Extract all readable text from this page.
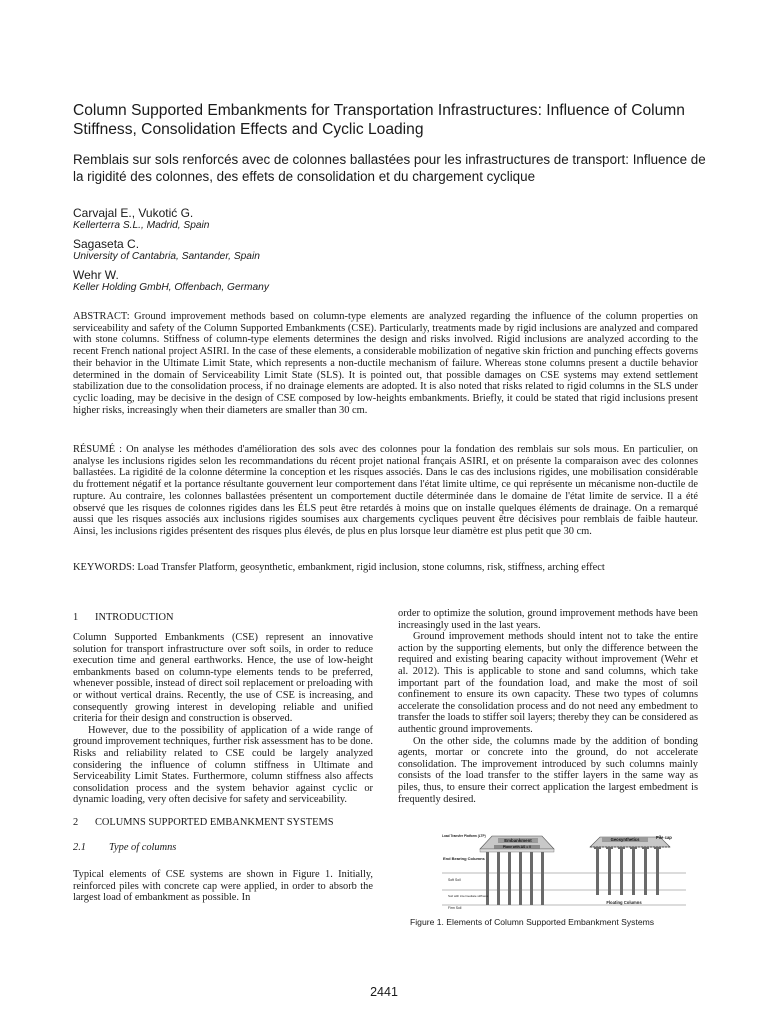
Column Supported Embankments for Transportation Infrastructures: Influence of Column Stiffness, Consolidation Effects and Cyclic Loading
Remblais sur sols renforcés avec de colonnes ballastées pour les infrastructures de transport: Influence de la rigidité des colonnes, des effets de consolidation et du chargement cyclique
Carvajal E., Vukotić G.
Kellerterra S.L., Madrid, Spain
Sagaseta C.
University of Cantabria, Santander, Spain
Wehr W.
Keller Holding GmbH, Offenbach, Germany
ABSTRACT: Ground improvement methods based on column-type elements are analyzed regarding the influence of the column properties on serviceability and safety of the Column Supported Embankments (CSE). Particularly, treatments made by rigid inclusions are analyzed and compared with stone columns. Stiffness of column-type elements determines the design and risks involved. Rigid inclusions are analyzed according to the recent French national project ASIRI. In the case of these elements, a considerable mobilization of negative skin friction and punching effects governs their behavior in the Ultimate Limit State, which represents a non-ductile mechanism of failure. Whereas stone columns present a ductile behavior determined in the domain of Serviceability Limit State (SLS). It is pointed out, that possible damages on CSE systems may extend settlement stabilization due to the consolidation process, if no drainage elements are adopted. It is also noted that risks related to rigid columns in the SLS under cyclic loading, may be decisive in the design of CSE composed by low-heights embankments. Briefly, it could be stated that rigid inclusions present higher risks, increasingly when their diameters are smaller than 30 cm.
RÉSUMÉ : On analyse les méthodes d'amélioration des sols avec des colonnes pour la fondation des remblais sur sols mous. En particulier, on analyse les inclusions rigides selon les recommandations du récent projet national français ASIRI, et on présente la comparaison avec des colonnes ballastées. La rigidité de la colonne détermine la conception et les risques associés. Dans le cas des inclusions rigides, une mobilisation considérable du frottement négatif et la portance résultante gouvernent leur comportement dans l'état limite ultime, ce qui représente un mécanisme non-ductile de rupture. Au contraire, les colonnes ballastées présentent un comportement ductile déterminée dans le domaine de l'état limite de service. Il a été observé que les risques de colonnes rigides dans les ÉLS peut être retardés à moins que on installe quelques éléments de drainage. On a remarqué aussi que les risques associés aux inclusions rigides soumises aux chargements cycliques peuvent être décisives pour remblais de faible hauteur. Ainsi, les inclusions rigides présentent des risques plus élevés, de plus en plus lorsque leur diamètre est plus petit que 30 cm.
KEYWORDS: Load Transfer Platform, geosynthetic, embankment, rigid inclusion, stone columns, risk, stiffness, arching effect
1 INTRODUCTION

Column Supported Embankments (CSE) represent an innovative solution for transport infrastructure over soft soils, in order to reduce execution time and general earthworks. Hence, the use of low-height embankments based on column-type elements tends to be preferred, whenever possible, instead of direct soil replacement or preloading with or without vertical drains. Recently, the use of CSE is increasing, and consequently growing interest in developing reliable and unified criteria for their design and construction is observed.

However, due to the possibility of application of a wide range of ground improvement techniques, further risk assessment has to be done. Risks and reliability related to CSE could be largely analyzed considering the influence of column stiffness in Ultimate and Serviceability Limit States. Furthermore, column stiffness also affects consolidation process and the system behavior against cyclic or dynamic loading, very often decisive for safety and serviceability.

2 COLUMNS SUPPORTED EMBANKMENT SYSTEMS
2.1 Type of columns

Typical elements of CSE systems are shown in Figure 1. Initially, reinforced piles with concrete cap were applied, in order to absorb the largest load of embankment as possible. In

order to optimize the solution, ground improvement methods have been increasingly used in the last years.

Ground improvement methods should intent not to take the entire action by the supporting elements, but only the difference between the required and existing bearing capacity without improvement (Wehr et al. 2012). This is applicable to stone and sand columns, which take important part of the foundation load, and make the most of soil confinement to ensure its own capacity. These two types of columns accelerate the consolidation process and do not need any embedment to transfer the loads to stiffer soil layers; thereby they can be considered as authentic ground improvements.

On the other side, the columns made by the addition of bonding agents, mortar or concrete into the ground, do not accelerate consolidation. The improvement introduced by such columns mainly consists of the load transfer to the stiffer layers in the same way as piles, thus, to ensure their correct application the largest embedment is frequently desired.

Embankment
Plane with ΔS = 0
Geosynthetics	Pile cap
Load Transfer Platform (LTP)
End Bearing Columns
Soft Soil
Soil with intermediate stiffness
Firm Soil
Floating Columns
Figure 1. Elements of Column Supported Embankment Systems
2441
